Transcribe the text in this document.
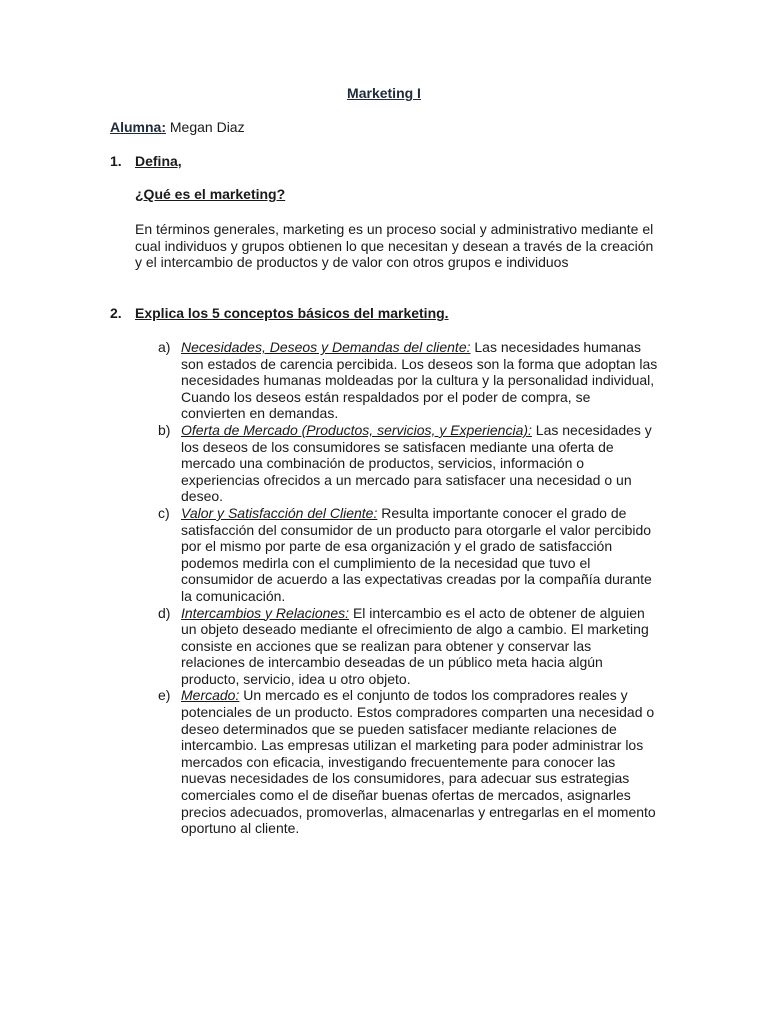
Marketing I
Alumna: Megan Diaz
1. Defina,
¿Qué es el marketing?
En términos generales, marketing es un proceso social y administrativo mediante el cual individuos y grupos obtienen lo que necesitan y desean a través de la creación y el intercambio de productos y de valor con otros grupos e individuos
2. Explica los 5 conceptos básicos del marketing.
a) Necesidades, Deseos y Demandas del cliente: Las necesidades humanas son estados de carencia percibida. Los deseos son la forma que adoptan las necesidades humanas moldeadas por la cultura y la personalidad individual, Cuando los deseos están respaldados por el poder de compra, se convierten en demandas.
b) Oferta de Mercado (Productos, servicios, y Experiencia): Las necesidades y los deseos de los consumidores se satisfacen mediante una oferta de mercado una combinación de productos, servicios, información o experiencias ofrecidos a un mercado para satisfacer una necesidad o un deseo.
c) Valor y Satisfacción del Cliente: Resulta importante conocer el grado de satisfacción del consumidor de un producto para otorgarle el valor percibido por el mismo por parte de esa organización y el grado de satisfacción podemos medirla con el cumplimiento de la necesidad que tuvo el consumidor de acuerdo a las expectativas creadas por la compañía durante la comunicación.
d) Intercambios y Relaciones: El intercambio es el acto de obtener de alguien un objeto deseado mediante el ofrecimiento de algo a cambio. El marketing consiste en acciones que se realizan para obtener y conservar las relaciones de intercambio deseadas de un público meta hacia algún producto, servicio, idea u otro objeto.
e) Mercado: Un mercado es el conjunto de todos los compradores reales y potenciales de un producto. Estos compradores comparten una necesidad o deseo determinados que se pueden satisfacer mediante relaciones de intercambio. Las empresas utilizan el marketing para poder administrar los mercados con eficacia, investigando frecuentemente para conocer las nuevas necesidades de los consumidores, para adecuar sus estrategias comerciales como el de diseñar buenas ofertas de mercados, asignarles precios adecuados, promoverlas, almacenarlas y entregarlas en el momento oportuno al cliente.
